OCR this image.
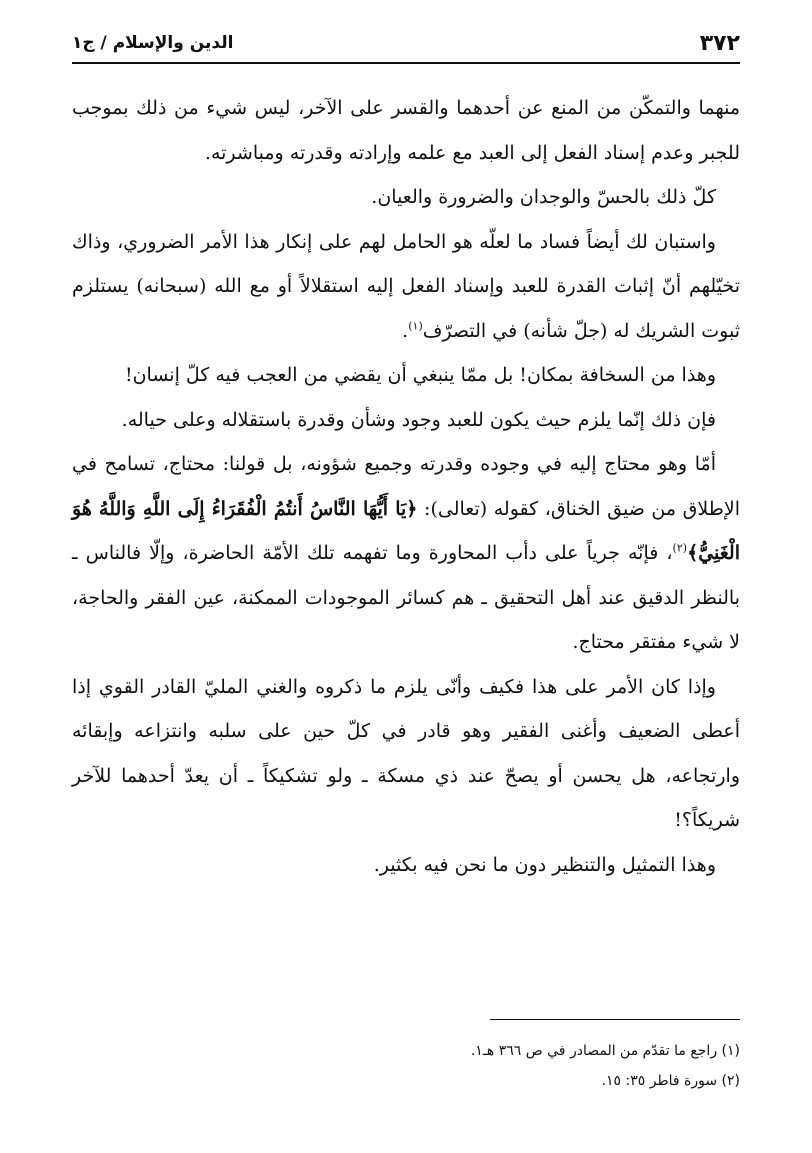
٣٧٢
الدين والإسلام / ج١

منهما والتمكّن من المنع عن أحدهما والقسر على الآخر، ليس شيء من ذلك بموجب للجبر وعدم إسناد الفعل إلى العبد مع علمه وإرادته وقدرته ومباشرته.

كلّ ذلك بالحسّ والوجدان والضرورة والعيان.

واستبان لك أيضاً فساد ما لعلّه هو الحامل لهم على إنكار هذا الأمر الضروري، وذاك تخيّلهم أنّ إثبات القدرة للعبد وإسناد الفعل إليه استقلالاً أو مع الله (سبحانه) يستلزم ثبوت الشريك له (جلّ شأنه) في التصرّف$^{(١)}$.

وهذا من السخافة بمكان! بل ممّا ينبغي أن يقضي من العجب فيه كلّ إنسان!

فإن ذلك إنّما يلزم حيث يكون للعبد وجود وشأن وقدرة باستقلاله وعلى حياله.

أمّا وهو محتاج إليه في وجوده وقدرته وجميع شؤونه، بل قولنا: محتاج، تسامح في الإطلاق من ضيق الخناق، كقوله (تعالى): ﴿يَا أَيُّهَا النَّاسُ أَنتُمُ الْفُقَرَاءُ إِلَى اللَّهِ وَاللَّهُ هُوَ الْغَنِيُّ﴾$^{(٢)}$، فإنّه جرياً على دأب المحاورة وما تفهمه تلك الأمّة الحاضرة، وإلّا فالناس ـ بالنظر الدقيق عند أهل التحقيق ـ هم كسائر الموجودات الممكنة، عين الفقر والحاجة، لا شيء مفتقر محتاج.

وإذا كان الأمر على هذا فكيف وأنّى يلزم ما ذكروه والغني المليّ القادر القوي إذا أعطى الضعيف وأغنى الفقير وهو قادر في كلّ حين على سلبه وانتزاعه وإبقائه وارتجاعه، هل يحسن أو يصحّ عند ذي مسكة ـ ولو تشكيكاً ـ أن يعدّ أحدهما للآخر شريكاً؟!

وهذا التمثيل والتنظير دون ما نحن فيه بكثير.

(١) راجع ما تقدّم من المصادر في ص ٣٦٦ هـ١.

(٢) سورة فاطر ٣٥: ١٥.
